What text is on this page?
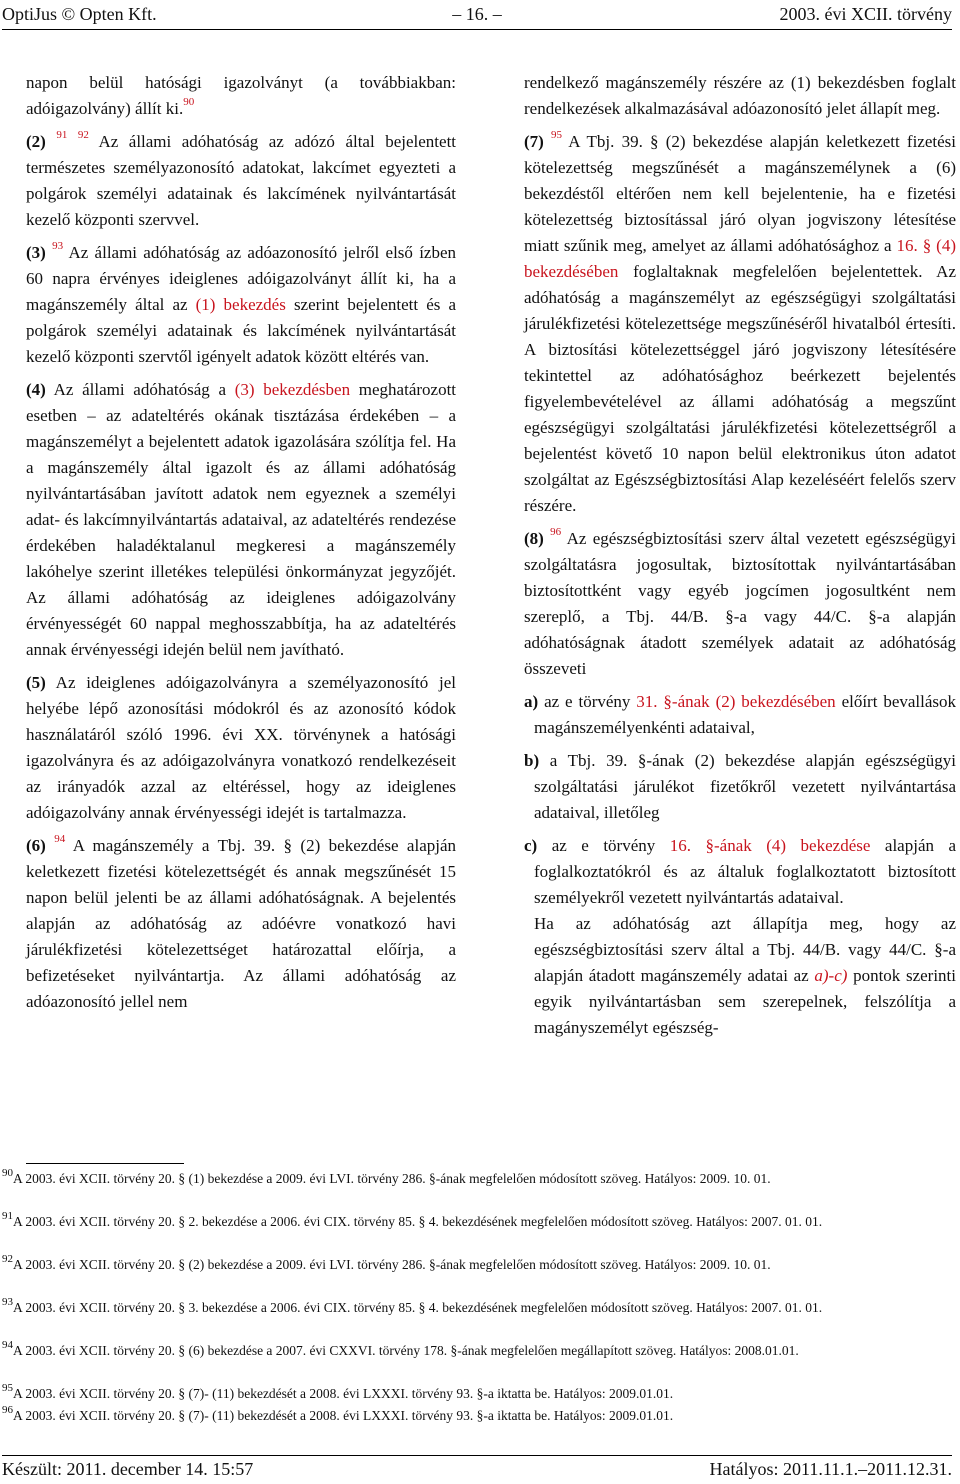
OptiJus © Opten Kft.	– 16. –	2003. évi XCII. törvény

napon belül hatósági igazolványt (a továbbiakban: adóigazolvány) állít ki.$^{90}$

(2) $^{91}$ $^{92}$ Az állami adóhatóság az adózó által bejelentett természetes személyazonosító adatokat, lakcímet egyezteti a polgárok személyi adatainak és lakcímének nyilvántartását kezelő központi szervvel.

(3) $^{93}$ Az állami adóhatóság az adóazonosító jelről első ízben 60 napra érvényes ideiglenes adóigazolványt állít ki, ha a magánszemély által az (1) bekezdés szerint bejelentett és a polgárok személyi adatainak és lakcímének nyilvántartását kezelő központi szervtől igényelt adatok között eltérés van.

(4) Az állami adóhatóság a (3) bekezdésben meghatározott esetben – az adateltérés okának tisztázása érdekében – a magánszemélyt a bejelentett adatok igazolására szólítja fel. Ha a magánszemély által igazolt és az állami adóhatóság nyilvántartásában javított adatok nem egyeznek a személyi adat- és lakcímnyilvántartás adataival, az adateltérés rendezése érdekében haladéktalanul megkeresi a magánszemély lakóhelye szerint illetékes települési önkormányzat jegyzőjét. Az állami adóhatóság az ideiglenes adóigazolvány érvényességét 60 nappal meghosszabbítja, ha az adateltérés annak érvényességi idején belül nem javítható.

(5) Az ideiglenes adóigazolványra a személyazonosító jel helyébe lépő azonosítási módokról és az azonosító kódok használatáról szóló 1996. évi XX. törvénynek a hatósági igazolványra és az adóigazolványra vonatkozó rendelkezéseit az irányadók azzal az eltéréssel, hogy az ideiglenes adóigazolvány annak érvényességi idejét is tartalmazza.

(6) $^{94}$ A magánszemély a Tbj. 39. § (2) bekezdése alapján keletkezett fizetési kötelezettségét és annak megszűnését 15 napon belül jelenti be az állami adóhatóságnak. A bejelentés alapján az adóhatóság az adóévre vonatkozó havi járulékfizetési kötelezettséget határozattal előírja, a befizetéseket nyilvántartja. Az állami adóhatóság az adóazonosító jellel nem

rendelkező magánszemély részére az (1) bekezdésben foglalt rendelkezések alkalmazásával adóazonosító jelet állapít meg.

(7) $^{95}$ A Tbj. 39. § (2) bekezdése alapján keletkezett fizetési kötelezettség megszűnését a magánszemélynek a (6) bekezdéstől eltérően nem kell bejelentenie, ha e fizetési kötelezettség biztosítással járó olyan jogviszony létesítése miatt szűnik meg, amelyet az állami adóhatósághoz a 16. § (4) bekezdésében foglaltaknak megfelelően bejelentettek. Az adóhatóság a magánszemélyt az egészségügyi szolgáltatási járulékfizetési kötelezettsége megszűnéséről hivatalból értesíti. A biztosítási kötelezettséggel járó jogviszony létesítésére tekintettel az adóhatósághoz beérkezett bejelentés figyelembevételével az állami adóhatóság a megszűnt egészségügyi szolgáltatási járulékfizetési kötelezettségről a bejelentést követő 10 napon belül elektronikus úton adatot szolgáltat az Egészségbiztosítási Alap kezeléséért felelős szerv részére.

(8) $^{96}$ Az egészségbiztosítási szerv által vezetett egészségügyi szolgáltatásra jogosultak, biztosítottak nyilvántartásában biztosítottként vagy egyéb jogcímen jogosultként nem szereplő, a Tbj. 44/B. §-a vagy 44/C. §-a alapján adóhatóságnak átadott személyek adatait az adóhatóság összeveti

a) az e törvény 31. §-ának (2) bekezdésében előírt bevallások magánszemélyenkénti adataival,

b) a Tbj. 39. §-ának (2) bekezdése alapján egészségügyi szolgáltatási járulékot fizetőkről vezetett nyilvántartása adataival, illetőleg

c) az e törvény 16. §-ának (4) bekezdése alapján a foglalkoztatókról és az általuk foglalkoztatott biztosított személyekről vezetett nyilvántartás adataival.

Ha az adóhatóság azt állapítja meg, hogy az egészségbiztosítási szerv által a Tbj. 44/B. vagy 44/C. §-a alapján átadott magánszemély adatai az a)-c) pontok szerinti egyik nyilvántartásban sem szerepelnek, felszólítja a magányszemélyt egészség-

$^{90}$A 2003. évi XCII. törvény 20. § (1) bekezdése a 2009. évi LVI. törvény 286. §-ának megfelelően módosított szöveg. Hatályos: 2009. 10. 01.
$^{91}$A 2003. évi XCII. törvény 20. § 2. bekezdése a 2006. évi CIX. törvény 85. § 4. bekezdésének megfelelően módosított szöveg. Hatályos: 2007. 01. 01.
$^{92}$A 2003. évi XCII. törvény 20. § (2) bekezdése a 2009. évi LVI. törvény 286. §-ának megfelelően módosított szöveg. Hatályos: 2009. 10. 01.
$^{93}$A 2003. évi XCII. törvény 20. § 3. bekezdése a 2006. évi CIX. törvény 85. § 4. bekezdésének megfelelően módosított szöveg. Hatályos: 2007. 01. 01.
$^{94}$A 2003. évi XCII. törvény 20. § (6) bekezdése a 2007. évi CXXVI. törvény 178. §-ának megfelelően megállapított szöveg. Hatályos: 2008.01.01.
$^{95}$A 2003. évi XCII. törvény 20. § (7)- (11) bekezdését a 2008. évi LXXXI. törvény 93. §-a iktatta be. Hatályos: 2009.01.01.
$^{96}$A 2003. évi XCII. törvény 20. § (7)- (11) bekezdését a 2008. évi LXXXI. törvény 93. §-a iktatta be. Hatályos: 2009.01.01.
Készült: 2011. december 14. 15:57	Hatályos: 2011.11.1.–2011.12.31.
